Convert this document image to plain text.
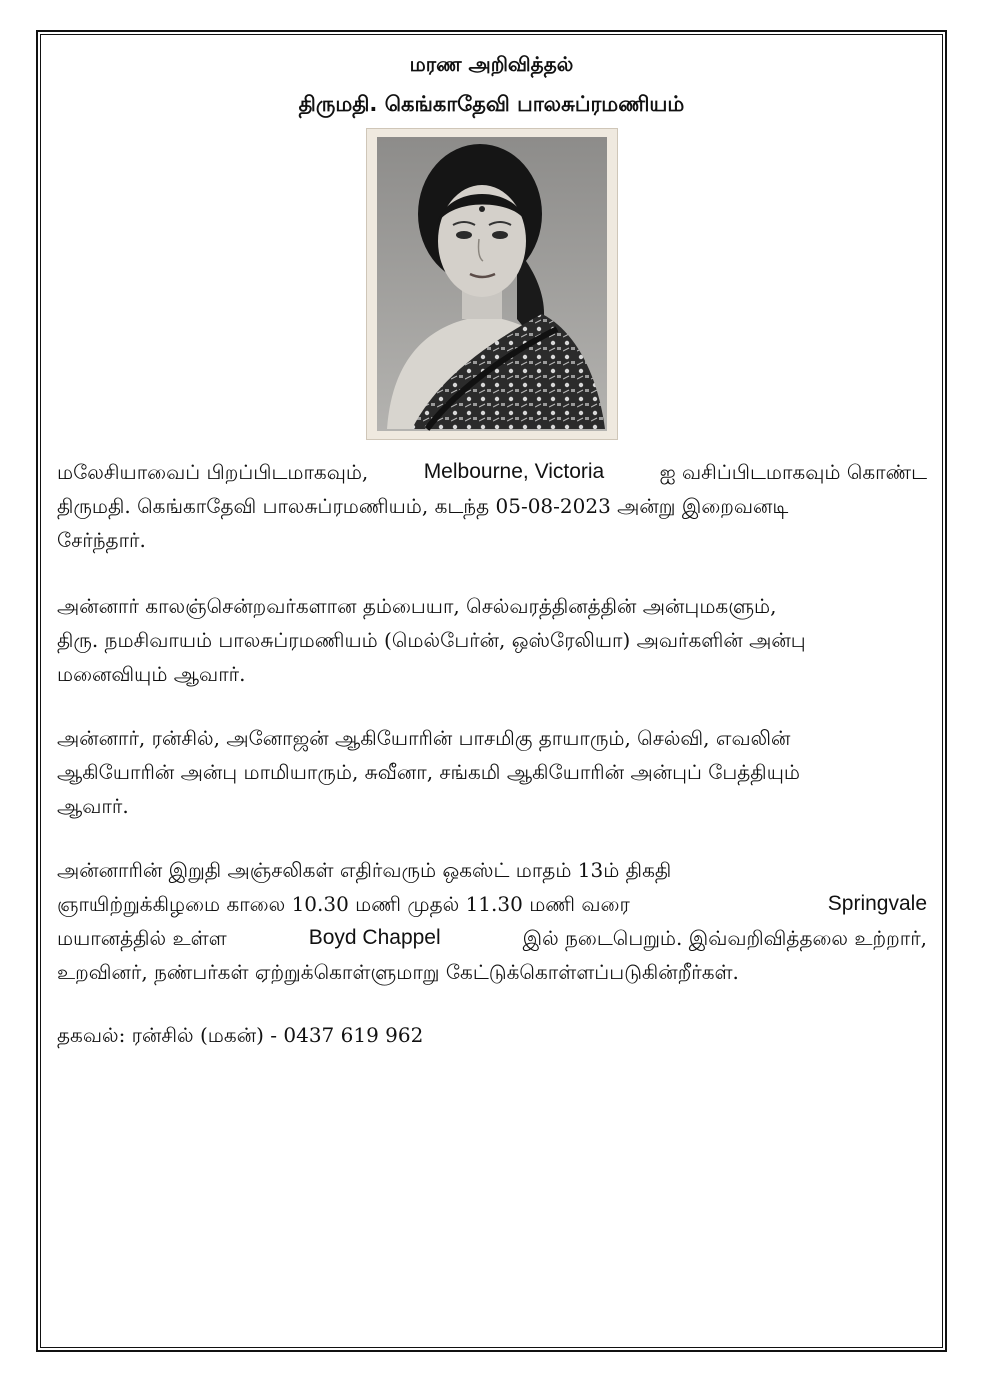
மரண அறிவித்தல்
திருமதி. கெங்காதேவி பாலசுப்ரமணியம்
மலேசியாவைப் பிறப்பிடமாகவும்,	Melbourne, Victoria	ஐ வசிப்பிடமாகவும் கொண்ட
திருமதி. கெங்காதேவி பாலசுப்ரமணியம், கடந்த 05-08-2023 அன்று இறைவனடி
சேர்ந்தார்.
அன்னார் காலஞ்சென்றவர்களான தம்பையா, செல்வரத்தினத்தின் அன்புமகளும்,
திரு. நமசிவாயம் பாலசுப்ரமணியம் (மெல்பேர்ன், ஒஸ்ரேலியா) அவர்களின் அன்பு
மனைவியும் ஆவார்.
அன்னார், ரன்சில், அனோஜன் ஆகியோரின் பாசமிகு தாயாரும், செல்வி, எவலின்
ஆகியோரின் அன்பு மாமியாரும், சுவீனா, சங்கமி ஆகியோரின் அன்புப் பேத்தியும்
ஆவார்.
அன்னாரின் இறுதி அஞ்சலிகள் எதிர்வரும் ஒகஸ்ட் மாதம் 13ம் திகதி
ஞாயிற்றுக்கிழமை காலை 10.30 மணி முதல் 11.30 மணி வரை	Springvale
மயானத்தில் உள்ள	Boyd Chappel	இல் நடைபெறும். இவ்வறிவித்தலை உற்றார்,
உறவினர், நண்பர்கள் ஏற்றுக்கொள்ளுமாறு கேட்டுக்கொள்ளப்படுகின்றீர்கள்.
தகவல்: ரன்சில் (மகன்) - 0437 619 962
